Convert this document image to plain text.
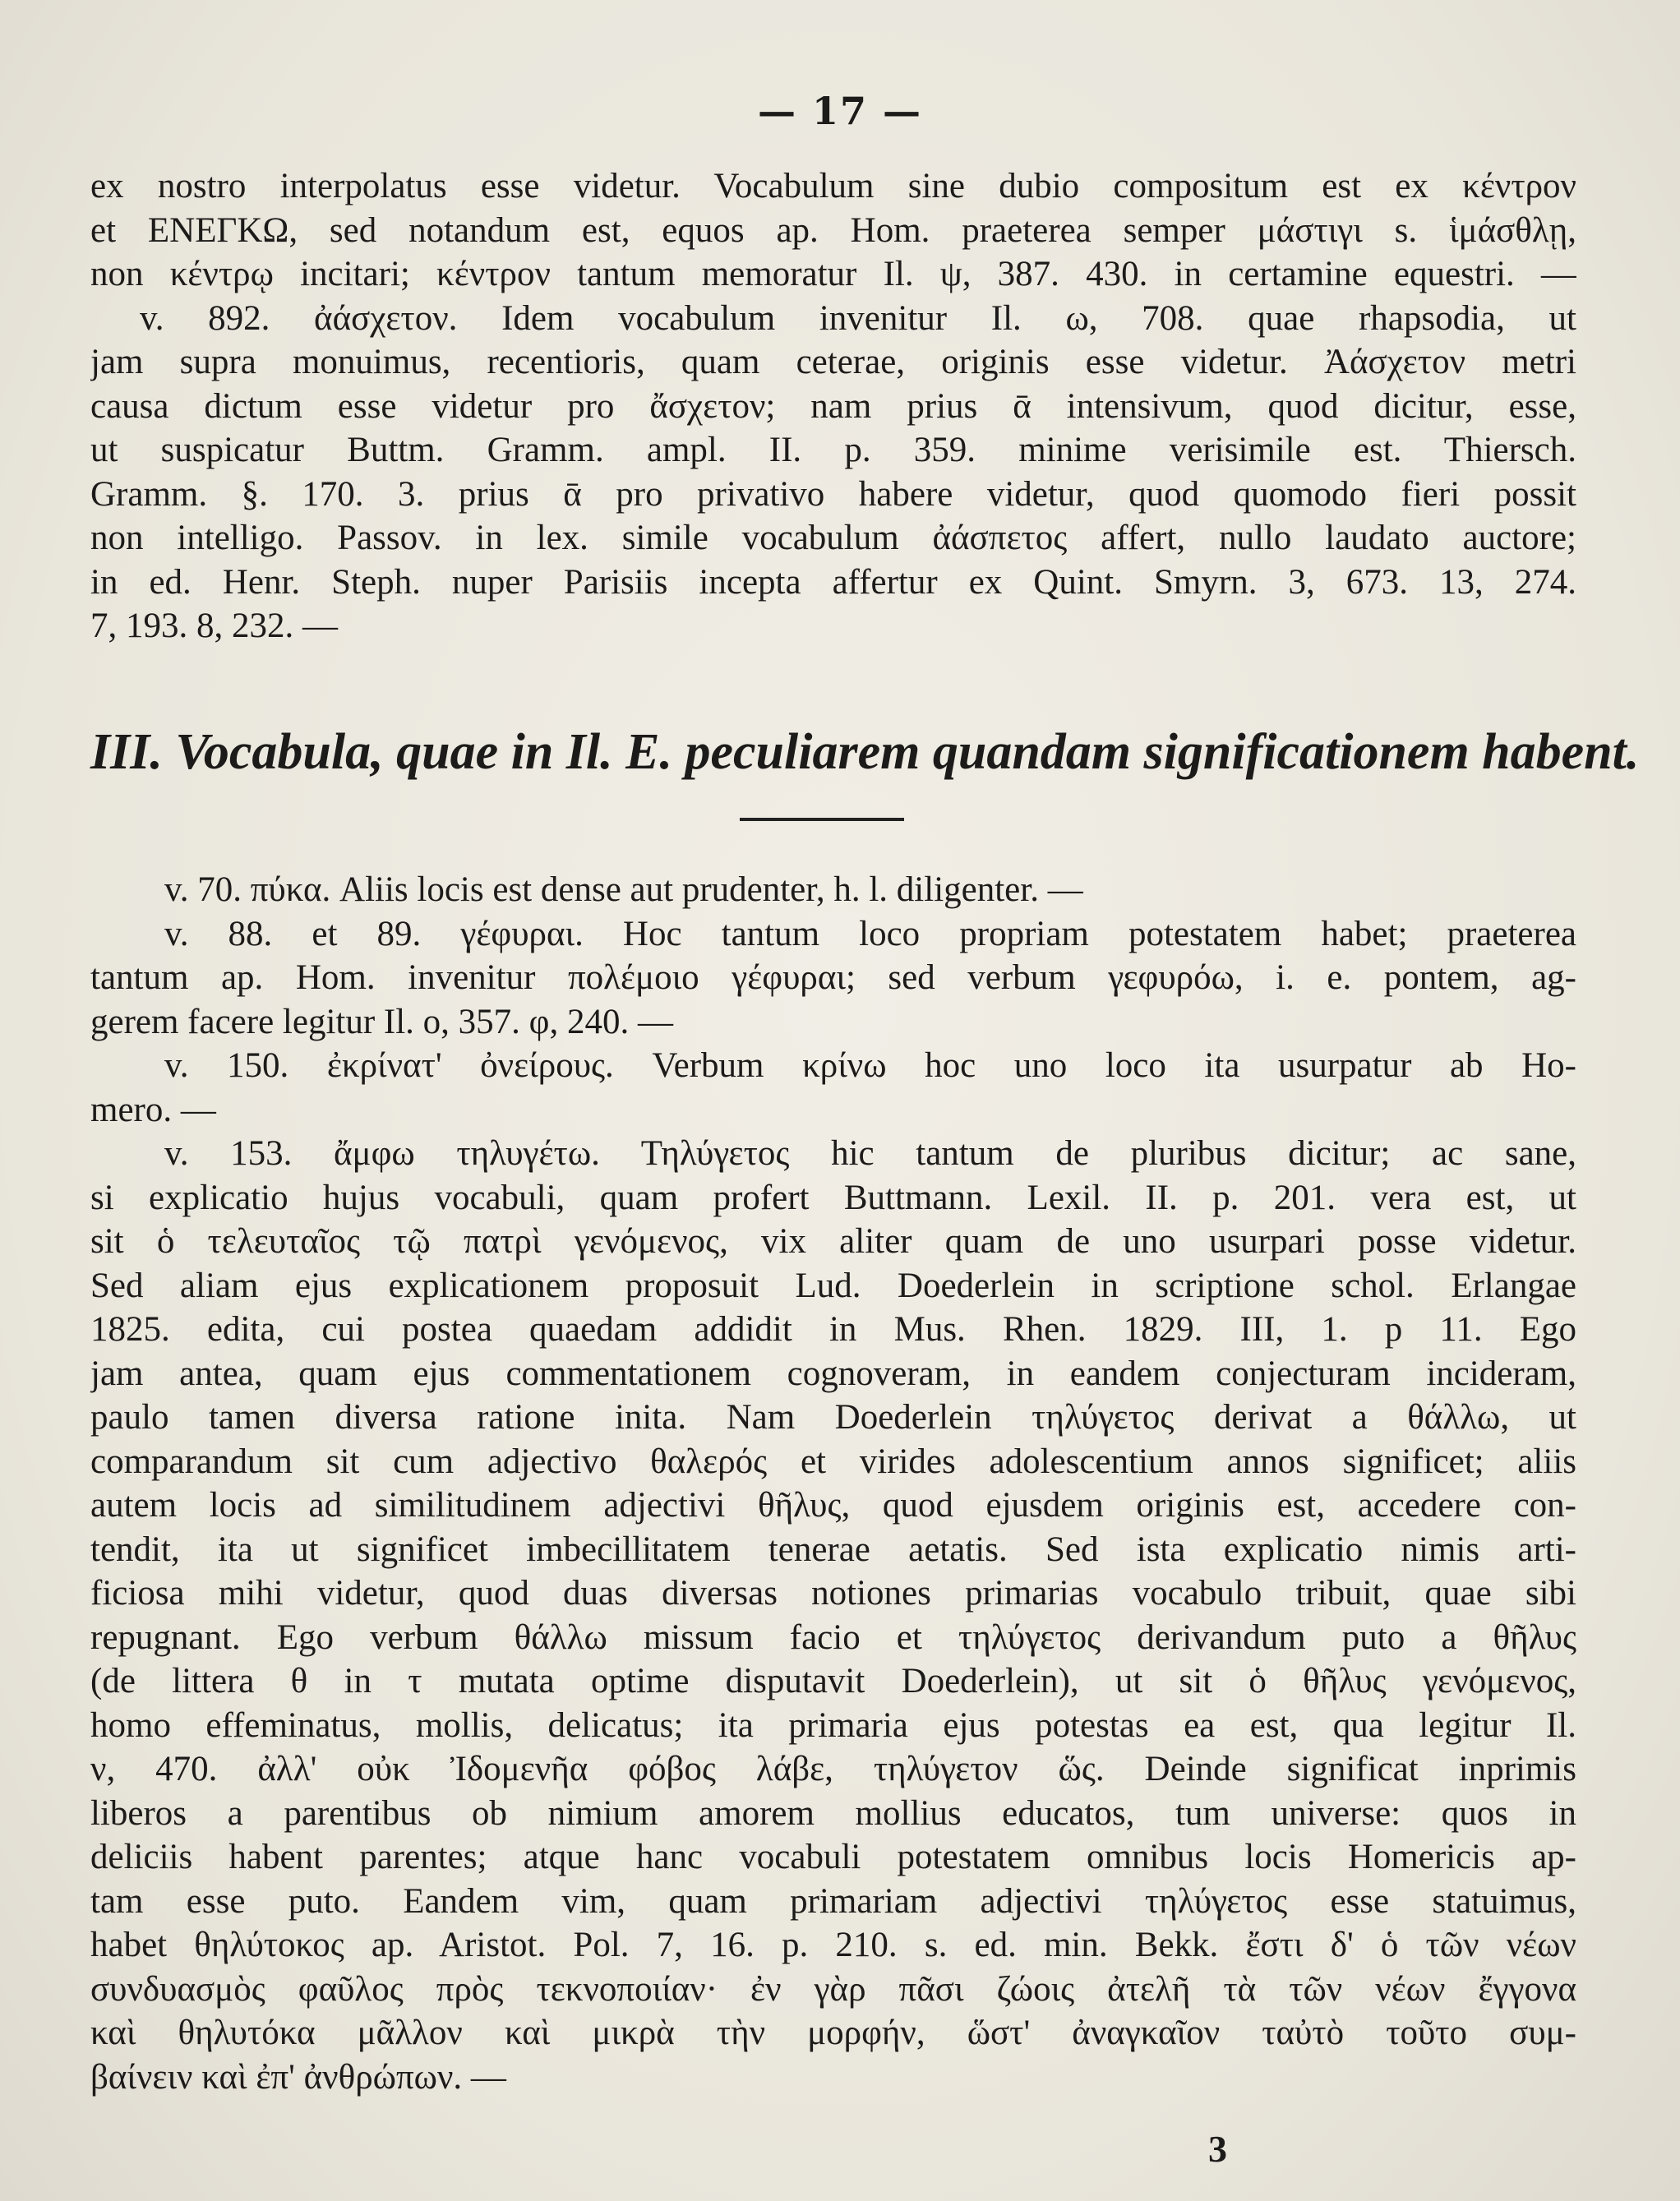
— 17 —
ex nostro interpolatus esse videtur. Vocabulum sine dubio compositum est ex κέντρον
et ΕΝΕΓΚΩ, sed notandum est, equos ap. Hom. praeterea semper μάστιγι s. ἱμάσθλῃ,
non κέντρῳ incitari; κέντρον tantum memoratur Il. ψ, 387. 430. in certamine equestri. —
v. 892. ἀάσχετον. Idem vocabulum invenitur Il. ω, 708. quae rhapsodia, ut
jam supra monuimus, recentioris, quam ceterae, originis esse videtur. Ἀάσχετον metri
causa dictum esse videtur pro ἄσχετον; nam prius ᾱ intensivum, quod dicitur, esse,
ut suspicatur Buttm. Gramm. ampl. II. p. 359. minime verisimile est. Thiersch.
Gramm. §. 170. 3. prius ᾱ pro privativo habere videtur, quod quomodo fieri possit
non intelligo. Passov. in lex. simile vocabulum ἀάσπετος affert, nullo laudato auctore;
in ed. Henr. Steph. nuper Parisiis incepta affertur ex Quint. Smyrn. 3, 673. 13, 274.
7, 193. 8, 232. —
III. Vocabula, quae in Il. E. peculiarem quandam significationem habent.
v. 70. πύκα. Aliis locis est dense aut prudenter, h. l. diligenter. —
v. 88. et 89. γέφυραι. Hoc tantum loco propriam potestatem habet; praeterea
tantum ap. Hom. invenitur πολέμοιο γέφυραι; sed verbum γεφυρόω, i. e. pontem, ag-
gerem facere legitur Il. ο, 357. φ, 240. —
v. 150. ἐκρίνατ' ὀνείρους. Verbum κρίνω hoc uno loco ita usurpatur ab Ho-
mero. —
v. 153. ἄμφω τηλυγέτω. Τηλύγετος hic tantum de pluribus dicitur; ac sane,
si explicatio hujus vocabuli, quam profert Buttmann. Lexil. II. p. 201. vera est, ut
sit ὁ τελευταῖος τῷ πατρὶ γενόμενος, vix aliter quam de uno usurpari posse videtur.
Sed aliam ejus explicationem proposuit Lud. Doederlein in scriptione schol. Erlangae
1825. edita, cui postea quaedam addidit in Mus. Rhen. 1829. III, 1. p 11. Ego
jam antea, quam ejus commentationem cognoveram, in eandem conjecturam incideram,
paulo tamen diversa ratione inita. Nam Doederlein τηλύγετος derivat a θάλλω, ut
comparandum sit cum adjectivo θαλερός et virides adolescentium annos significet; aliis
autem locis ad similitudinem adjectivi θῆλυς, quod ejusdem originis est, accedere con-
tendit, ita ut significet imbecillitatem tenerae aetatis. Sed ista explicatio nimis arti-
ficiosa mihi videtur, quod duas diversas notiones primarias vocabulo tribuit, quae sibi
repugnant. Ego verbum θάλλω missum facio et τηλύγετος derivandum puto a θῆλυς
(de littera θ in τ mutata optime disputavit Doederlein), ut sit ὁ θῆλυς γενόμενος,
homo effeminatus, mollis, delicatus; ita primaria ejus potestas ea est, qua legitur Il.
ν, 470. ἀλλ' οὐκ Ἰδομενῆα φόβος λάβε, τηλύγετον ὥς. Deinde significat inprimis
liberos a parentibus ob nimium amorem mollius educatos, tum universe: quos in
deliciis habent parentes; atque hanc vocabuli potestatem omnibus locis Homericis ap-
tam esse puto. Eandem vim, quam primariam adjectivi τηλύγετος esse statuimus,
habet θηλύτοκος ap. Aristot. Pol. 7, 16. p. 210. s. ed. min. Bekk. ἔστι δ' ὁ τῶν νέων
συνδυασμὸς φαῦλος πρὸς τεκνοποιίαν· ἐν γὰρ πᾶσι ζώοις ἀτελῆ τὰ τῶν νέων ἔγγονα
καὶ θηλυτόκα μᾶλλον καὶ μικρὰ τὴν μορφήν, ὥστ' ἀναγκαῖον ταὐτὸ τοῦτο συμ-
βαίνειν καὶ ἐπ' ἀνθρώπων. —
3
